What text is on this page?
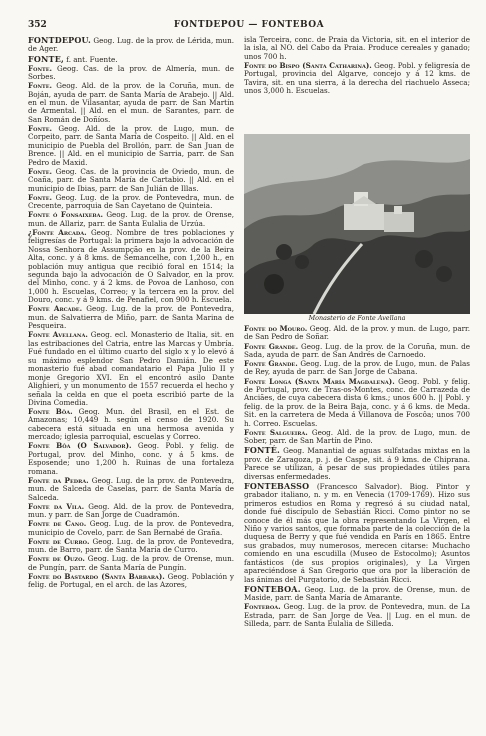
352	FONTDEPOU — FONTEBOA

FONTDEPOU. Geog. Lug. de la prov. de Lérida, mun. de Ager.

FONTE, f. ant. Fuente.

Fonte. Geog. Cas. de la prov. de Almería, mun. de Sorbes.

Fonte. Geog. Ald. de la prov. de la Coruña, mun. de Boján, ayuda de parr. de Santa María de Arabejo. || Ald. en el mun. de Vilasantar, ayuda de parr. de San Martín de Armental. || Ald. en el mun. de Sarantes, parr. de San Román de Doñíos.

Fonte. Geog. Ald. de la prov. de Lugo, mun. de Corpeito, parr. de Santa María de Cospeito. || Ald. en el municipio de Puebla del Brollón, parr. de San Juan de Brence. || Ald. en el municipio de Sarria, parr. de San Pedro de Maxid.

Fonte. Geog. Cas. de la provincia de Oviedo, mun. de Coaña, parr. de Santa María de Cartabio. || Ald. en el municipio de Ibias, parr. de San Julián de Illas.

Fonte. Geog. Lug. de la prov. de Pontevedra, mun. de Crecente, parroquia de San Cayetano de Quinteia.

Fonte ó Fonsaixeba. Geog. Lug. de la prov. de Orense, mun. de Allariz, parr. de Santa Eulalia de Urzúa.

¿Fonte Arcada. Geog. Nombre de tres poblaciones y feligresías de Portugal: la primera bajo la advocación de Nossa Senhora de Assumpção en la prov. de la Beira Alta, conc. y á 8 kms. de Semancelhe, con 1,200 h., en población muy antigua que recibió foral en 1514; la segunda bajo la advocación de O Salvador, en la prov. del Minho, conc. y á 2 kms. de Povoa de Lanhoso, con 1,000 h. Escuelas, Correo; y la tercera en la prov. del Douro, conc. y á 9 kms. de Penafiel, con 900 h. Escuela.

Fonte Arcade. Geog. Lug. de la prov. de Pontevedra, mun. de Salvatierra de Miño, parr. de Santa Marina de Pesqueira.

Fonte Avellana. Geog. ecl. Monasterio de Italia, sit. en las estribaciones del Catria, entre las Marcas y Umbría. Fué fundado en el último cuarto del siglo x y lo elevó á su máximo esplendor San Pedro Damián. De este monasterio fué abad comandatario el Papa Julio II y monje Gregorio XVI. En el encontró asilo Dante Alighieri, y un monumento de 1557 recuerda el hecho y señala la celda en que el poeta escribió parte de la Divina Comedia.

Fonte Bôa. Geog. Mun. del Brasil, en el Est. de Amazonas; 10,449 h. según el censo de 1920. Su cabecera está situada en una hermosa avenida y mercado; iglesia parroquial, escuelas y Correo.

Fonte Bôa (O Salvador). Geog. Pobl. y felig. de Portugal, prov. del Minho, conc. y á 5 kms. de Esposende; uno 1,200 h. Ruinas de una fortaleza romana.

Fonte da Pedra. Geog. Lug. de la prov. de Pontevedra, mun. de Salceda de Caselas, parr. de Santa María de Salceda.

Fonte da Vila. Geog. Ald. de la prov. de Pontevedra, mun. y parr. de San Jorge de Cuadramón.

Fonte de Cano. Geog. Lug. de la prov. de Pontevedra, municipio de Covelo, parr. de San Bernabé de Graña.

Fonte de Curro. Geog. Lug. de la prov. de Pontevedra, mun. de Barro, parr. de Santa María de Curro.

Fonte de Ouzo. Geog. Lug. de la prov. de Orense, mun. de Pungín, parr. de Santa María de Pungín.

Fonte do Bastardo (Santa Bárbara). Geog. Población y felig. de Portugal, en el arch. de las Azores,

isla Terceira, conc. de Praia da Victoria, sit. en el interior de la isla, al NO. del Cabo da Praia. Produce cereales y ganado; unos 700 h.

Fonte do Bispo (Santa Catharina). Geog. Pobl. y feligresía de Portugal, provincia del Algarve, concejo y á 12 kms. de Tavira, sit. en una sierra, á la derecha del riachuelo Asseca; unos 3,000 h. Escuelas.

Monasterio de Fonte Avellana

Fonte do Mouro. Geog. Ald. de la prov. y mun. de Lugo, parr. de San Pedro de Soñar.

Fonte Grande. Geog. Lug. de la prov. de la Coruña, mun. de Sada, ayuda de parr. de San Andrés de Carnoedo.

Fonte Grande. Geog. Lug. de la prov. de Lugo, mun. de Palas de Rey, ayuda de parr. de San Jorge de Cabana.

Fonte Longa (Santa María Magdalena). Geog. Pobl. y felig. de Portugal, prov. de Tras-os-Montes, conc. de Carrazeda de Anciães, de cuya cabecera dista 6 kms.; unos 600 h. || Pobl. y felig. de la prov. de la Beira Baja, conc. y á 6 kms. de Meda. Sit. en la carretera de Meda á Villanova de Foscôa; unos 700 h. Correo. Escuelas.

Fonte Salgueira. Geog. Ald. de la prov. de Lugo, mun. de Sober, parr. de San Martín de Pino.

FONTÉ. Geog. Manantial de aguas sulfatadas mixtas en la prov. de Zaragoza, p. j. de Caspe, sit. á 9 kms. de Chiprana. Parece se utilizan, á pesar de sus propiedades útiles para diversas enfermedades.

FONTEBASSO (Francesco Salvador). Biog. Pintor y grabador italiano, n. y m. en Venecia (1709-1769). Hizo sus primeros estudios en Roma y regresó á su ciudad natal, donde fué discípulo de Sebastián Ricci. Como pintor no se conoce de él más que la obra representando La Virgen, el Niño y varios santos, que formaba parte de la colección de la duquesa de Berry y que fué vendida en París en 1865. Entre sus grabados, muy numerosos, merecen citarse: Muchacho comiendo en una escudilla (Museo de Estocolmo); Asuntos fantásticos (de sus propios originales), y La Virgen apareciéndose á San Gregorio que ora por la liberación de las ánimas del Purgatorio, de Sebastián Ricci.

FONTEBOA. Geog. Lug. de la prov. de Orense, mun. de Maside, parr. de Santa María de Amarante.

Fonteboa. Geog. Lug. de la prov. de Pontevedra, mun. de La Estrada, parr. de San Jorge de Vea. || Lug. en el mun. de Silleda, parr. de Santa Eulalia de Silleda.
